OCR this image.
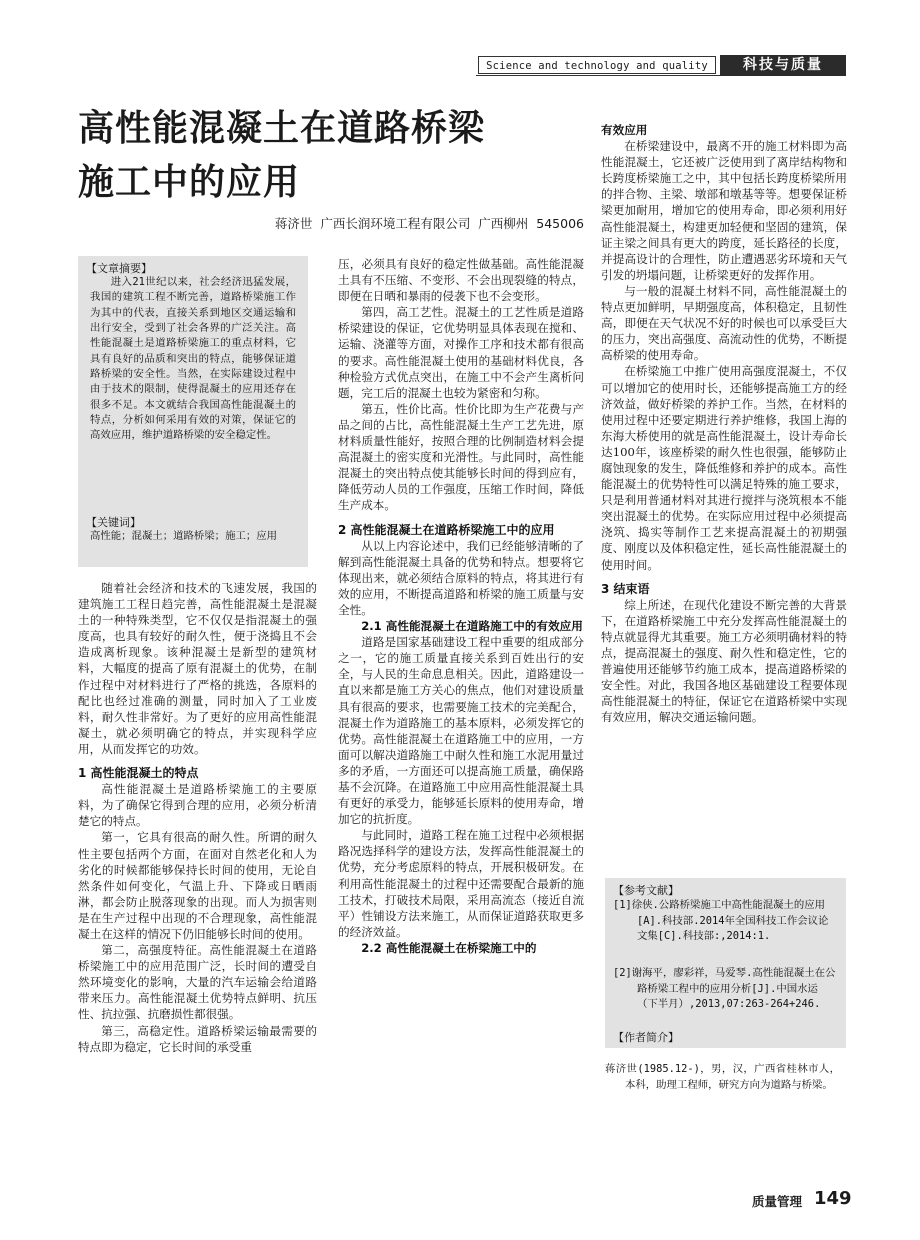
Science and technology and quality	科技与质量
高性能混凝土在道路桥梁
施工中的应用
蒋济世 广西长润环境工程有限公司 广西柳州 545006
【文章摘要】
进入21世纪以来，社会经济迅猛发展，我国的建筑工程不断完善，道路桥梁施工作为其中的代表，直接关系到地区交通运输和出行安全，受到了社会各界的广泛关注。高性能混凝土是道路桥梁施工的重点材料，它具有良好的品质和突出的特点，能够保证道路桥梁的安全性。当然，在实际建设过程中由于技术的限制，使得混凝土的应用还存在很多不足。本文就结合我国高性能混凝土的特点，分析如何采用有效的对策，保证它的高效应用，维护道路桥梁的安全稳定性。
【关键词】
高性能；混凝土；道路桥梁；施工；应用

随着社会经济和技术的飞速发展，我国的建筑施工工程日趋完善，高性能混凝土是混凝土的一种特殊类型，它不仅仅是指混凝土的强度高，也具有较好的耐久性，便于浇捣且不会造成离析现象。该种混凝土是新型的建筑材料，大幅度的提高了原有混凝土的优势，在制作过程中对材料进行了严格的挑选，各原料的配比也经过准确的测量，同时加入了工业废料，耐久性非常好。为了更好的应用高性能混凝土，就必须明确它的特点，并实现科学应用，从而发挥它的功效。

1 高性能混凝土的特点

高性能混凝土是道路桥梁施工的主要原料，为了确保它得到合理的应用，必须分析清楚它的特点。

第一，它具有很高的耐久性。所谓的耐久性主要包括两个方面，在面对自然老化和人为劣化的时候都能够保持长时间的使用，无论自然条件如何变化，气温上升、下降或日晒雨淋，都会防止脱落现象的出现。而人为损害则是在生产过程中出现的不合理现象，高性能混凝土在这样的情况下仍旧能够长时间的使用。

第二，高强度特征。高性能混凝土在道路桥梁施工中的应用范围广泛，长时间的遭受自然环境变化的影响，大量的汽车运输会给道路带来压力。高性能混凝土优势特点鲜明、抗压性、抗拉强、抗磨损性都很强。

第三，高稳定性。道路桥梁运输最需要的特点即为稳定，它长时间的承受重

压，必须具有良好的稳定性做基础。高性能混凝土具有不压缩、不变形、不会出现裂缝的特点，即便在日晒和暴雨的侵袭下也不会变形。

第四，高工艺性。混凝土的工艺性质是道路桥梁建设的保证，它优势明显具体表现在搅和、运输、浇灌等方面，对操作工序和技术都有很高的要求。高性能混凝土使用的基础材料优良，各种检验方式优点突出，在施工中不会产生离析问题，完工后的混凝土也较为紧密和匀称。

第五，性价比高。性价比即为生产花费与产品之间的占比，高性能混凝土生产工艺先进，原材料质量性能好，按照合理的比例制造材料会提高混凝土的密实度和光滑性。与此同时，高性能混凝土的突出特点使其能够长时间的得到应有，降低劳动人员的工作强度，压缩工作时间，降低生产成本。

2 高性能混凝土在道路桥梁施工中的应用

从以上内容论述中，我们已经能够清晰的了解到高性能混凝土具备的优势和特点。想要将它体现出来，就必须结合原料的特点，将其进行有效的应用，不断提高道路和桥梁的施工质量与安全性。

2.1 高性能混凝土在道路施工中的有效应用

道路是国家基础建设工程中重要的组成部分之一，它的施工质量直接关系到百姓出行的安全，与人民的生命息息相关。因此，道路建设一直以来都是施工方关心的焦点，他们对建设质量具有很高的要求，也需要施工技术的完美配合，混凝土作为道路施工的基本原料，必须发挥它的优势。高性能混凝土在道路施工中的应用，一方面可以解决道路施工中耐久性和施工水泥用量过多的矛盾，一方面还可以提高施工质量，确保路基不会沉降。在道路施工中应用高性能混凝土具有更好的承受力，能够延长原料的使用寿命，增加它的抗折度。

与此同时，道路工程在施工过程中必须根据路况选择科学的建设方法，发挥高性能混凝土的优势，充分考虑原料的特点，开展积极研发。在利用高性能混凝土的过程中还需要配合最新的施工技术，打破技术局限，采用高流态（接近自流平）性铺设方法来施工，从而保证道路获取更多的经济效益。

2.2 高性能混凝土在桥梁施工中的

有效应用

在桥梁建设中，最离不开的施工材料即为高性能混凝土，它还被广泛使用到了离岸结构物和长跨度桥梁施工之中，其中包括长跨度桥梁所用的拌合物、主梁、墩部和墩基等等。想要保证桥梁更加耐用，增加它的使用寿命，即必须利用好高性能混凝土，构建更加轻便和坚固的建筑，保证主梁之间具有更大的跨度，延长路径的长度，并提高设计的合理性，防止遭遇恶劣环境和天气引发的坍塌问题，让桥梁更好的发挥作用。

与一般的混凝土材料不同，高性能混凝土的特点更加鲜明，早期强度高，体积稳定，且韧性高，即便在天气状况不好的时候也可以承受巨大的压力，突出高强度、高流动性的优势，不断提高桥梁的使用寿命。

在桥梁施工中推广使用高强度混凝土，不仅可以增加它的使用时长，还能够提高施工方的经济效益，做好桥梁的养护工作。当然，在材料的使用过程中还要定期进行养护维修，我国上海的东海大桥使用的就是高性能混凝土，设计寿命长达100年，该座桥梁的耐久性也很强，能够防止腐蚀现象的发生，降低维修和养护的成本。高性能混凝土的优势特性可以满足特殊的施工要求，只是利用普通材料对其进行搅拌与浇筑根本不能突出混凝土的优势。在实际应用过程中必须提高浇筑、捣实等制作工艺来提高混凝土的初期强度、刚度以及体积稳定性，延长高性能混凝土的使用时间。

3 结束语

综上所述，在现代化建设不断完善的大背景下，在道路桥梁施工中充分发挥高性能混凝土的特点就显得尤其重要。施工方必须明确材料的特点，提高混凝土的强度、耐久性和稳定性，它的普遍使用还能够节约施工成本，提高道路桥梁的安全性。对此，我国各地区基础建设工程要体现高性能混凝土的特征，保证它在道路桥梁中实现有效应用，解决交通运输问题。

【参考文献】
[1]徐侠.公路桥梁施工中高性能混凝土的应用[A].科技部.2014年全国科技工作会议论文集[C].科技部:,2014:1.
[2]谢海平，廖彩祥，马爱琴.高性能混凝土在公路桥梁工程中的应用分析[J].中国水运（下半月）,2013,07:263-264+246.
【作者简介】
蒋济世(1985.12-)，男，汉，广西省桂林市人，本科，助理工程师，研究方向为道路与桥梁。
质量管理 149
